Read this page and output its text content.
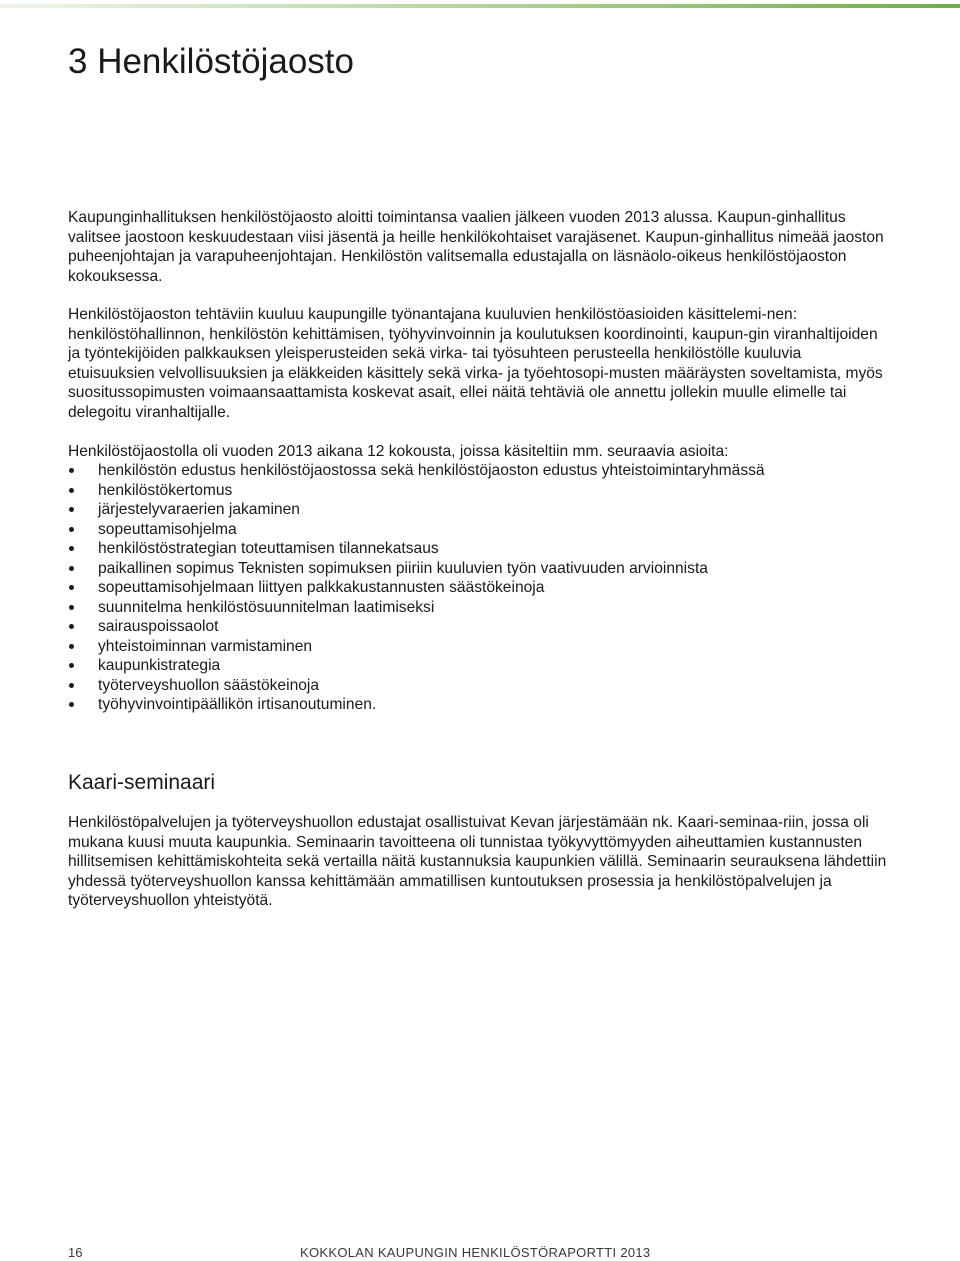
3 Henkilöstöjaosto

Kaupunginhallituksen henkilöstöjaosto aloitti toimintansa vaalien jälkeen vuoden 2013 alussa. Kaupun-ginhallitus valitsee jaostoon keskuudestaan viisi jäsentä ja heille henkilökohtaiset varajäsenet. Kaupun-ginhallitus nimeää jaoston puheenjohtajan ja varapuheenjohtajan. Henkilöstön valitsemalla edustajalla on läsnäolo-oikeus henkilöstöjaoston kokouksessa.

Henkilöstöjaoston tehtäviin kuuluu kaupungille työnantajana kuuluvien henkilöstöasioiden käsittelemi-nen: henkilöstöhallinnon, henkilöstön kehittämisen, työhyvinvoinnin ja koulutuksen koordinointi, kaupun-gin viranhaltijoiden ja työntekijöiden palkkauksen yleisperusteiden sekä virka- tai työsuhteen perusteella henkilöstölle kuuluvia etuisuuksien velvollisuuksien ja eläkkeiden käsittely sekä virka- ja työehtosopi-musten määräysten soveltamista, myös suositussopimusten voimaansaattamista koskevat asait, ellei näitä tehtäviä ole annettu jollekin muulle elimelle tai delegoitu viranhaltijalle.

Henkilöstöjaostolla oli vuoden 2013 aikana 12 kokousta, joissa käsiteltiin mm. seuraavia asioita:

henkilöstön edustus henkilöstöjaostossa sekä henkilöstöjaoston edustus yhteistoimintaryhmässä
henkilöstökertomus
järjestelyvaraerien jakaminen
sopeuttamisohjelma
henkilöstöstrategian toteuttamisen tilannekatsaus
paikallinen sopimus Teknisten sopimuksen piiriin kuuluvien työn vaativuuden arvioinnista
sopeuttamisohjelmaan liittyen palkkakustannusten säästökeinoja
suunnitelma henkilöstösuunnitelman laatimiseksi
sairauspoissaolot
yhteistoiminnan varmistaminen
kaupunkistrategia
työterveyshuollon säästökeinoja
työhyvinvointipäällikön irtisanoutuminen.
Kaari-seminaari

Henkilöstöpalvelujen ja työterveyshuollon edustajat osallistuivat Kevan järjestämään nk. Kaari-seminaa-riin, jossa oli mukana kuusi muuta kaupunkia. Seminaarin tavoitteena oli tunnistaa työkyvyttömyyden aiheuttamien kustannusten hillitsemisen kehittämiskohteita sekä vertailla näitä kustannuksia kaupunkien välillä. Seminaarin seurauksena lähdettiin yhdessä työterveyshuollon kanssa kehittämään ammatillisen kuntoutuksen prosessia ja henkilöstöpalvelujen ja työterveyshuollon yhteistyötä.

16	KOKKOLAN KAUPUNGIN HENKILÖSTÖRAPORTTI 2013
